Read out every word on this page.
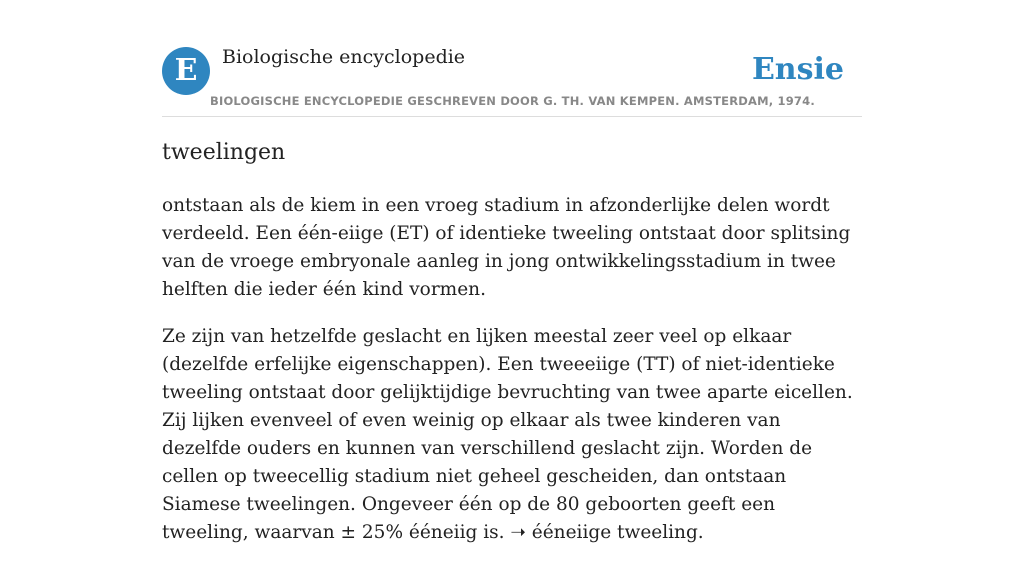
E	Biologische encyclopedie
BIOLOGISCHE ENCYCLOPEDIE GESCHREVEN DOOR G. TH. VAN KEMPEN. AMSTERDAM, 1974.
Ensie
tweelingen

ontstaan als de kiem in een vroeg stadium in afzonderlijke delen wordt verdeeld. Een één-eiige (ET) of identieke tweeling ontstaat door splitsing van de vroege embryonale aanleg in jong ontwikkelingsstadium in twee helften die ieder één kind vormen.

Ze zijn van hetzelfde geslacht en lijken meestal zeer veel op elkaar (dezelfde erfelijke eigenschappen). Een tweeeiige (TT) of niet-identieke tweeling ontstaat door gelijktijdige bevruchting van twee aparte eicellen. Zij lijken evenveel of even weinig op elkaar als twee kinderen van dezelfde ouders en kunnen van verschillend geslacht zijn. Worden de cellen op tweecellig stadium niet geheel gescheiden, dan ontstaan Siamese tweelingen. Ongeveer één op de 80 geboorten geeft een tweeling, waarvan ± 25% ééneiig is. ➝ ééneiige tweeling.
